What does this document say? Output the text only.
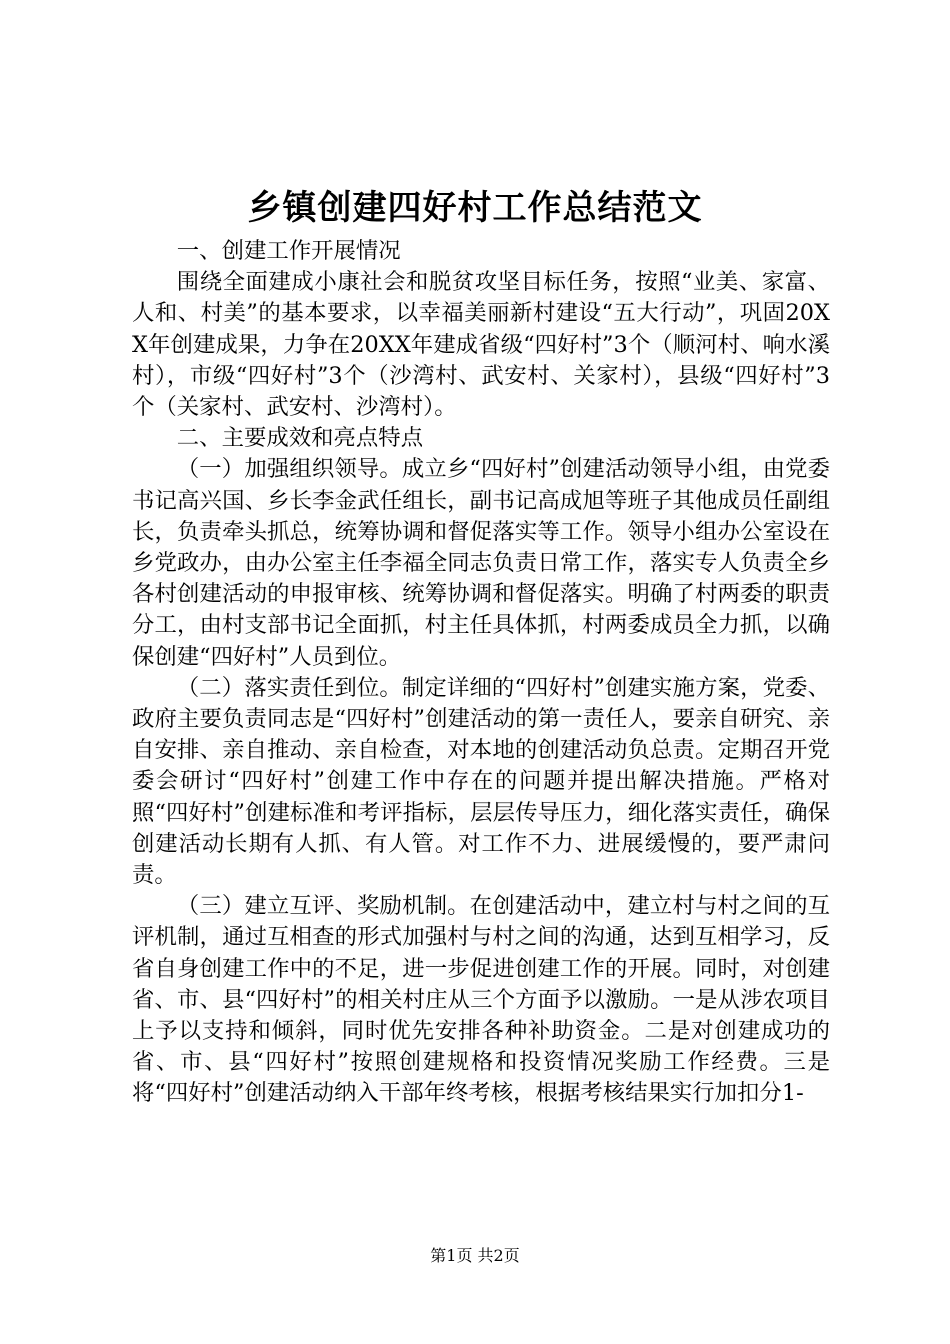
乡镇创建四好村工作总结范文

一、创建工作开展情况

围绕全面建成小康社会和脱贫攻坚目标任务，按照“业美、家富、人和、村美”的基本要求，以幸福美丽新村建设“五大行动”，巩固20XX年创建成果，力争在20XX年建成省级“四好村”3个（顺河村、响水溪村），市级“四好村”3个（沙湾村、武安村、关家村），县级“四好村”3个（关家村、武安村、沙湾村）。

二、主要成效和亮点特点

（一）加强组织领导。成立乡“四好村”创建活动领导小组，由党委书记高兴国、乡长李金武任组长，副书记高成旭等班子其他成员任副组长，负责牵头抓总，统筹协调和督促落实等工作。领导小组办公室设在乡党政办，由办公室主任李福全同志负责日常工作，落实专人负责全乡各村创建活动的申报审核、统筹协调和督促落实。明确了村两委的职责分工，由村支部书记全面抓，村主任具体抓，村两委成员全力抓，以确保创建“四好村”人员到位。

（二）落实责任到位。制定详细的“四好村”创建实施方案，党委、政府主要负责同志是“四好村”创建活动的第一责任人，要亲自研究、亲自安排、亲自推动、亲自检查，对本地的创建活动负总责。定期召开党委会研讨“四好村”创建工作中存在的问题并提出解决措施。严格对照“四好村”创建标准和考评指标，层层传导压力，细化落实责任，确保创建活动长期有人抓、有人管。对工作不力、进展缓慢的，要严肃问责。

（三）建立互评、奖励机制。在创建活动中，建立村与村之间的互评机制，通过互相查的形式加强村与村之间的沟通，达到互相学习，反省自身创建工作中的不足，进一步促进创建工作的开展。同时，对创建省、市、县“四好村”的相关村庄从三个方面予以激励。一是从涉农项目上予以支持和倾斜，同时优先安排各种补助资金。二是对创建成功的省、市、县“四好村”按照创建规格和投资情况奖励工作经费。三是将“四好村”创建活动纳入干部年终考核，根据考核结果实行加扣分1-

第1页 共2页
